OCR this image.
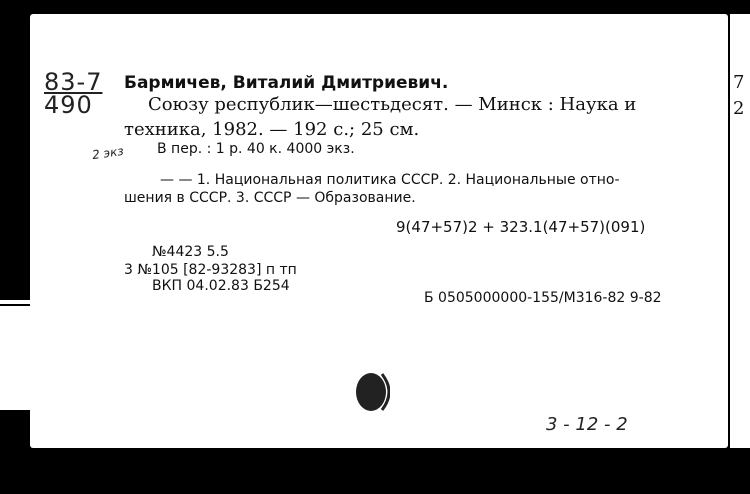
83-7
490
Бармичев, Виталий Дмитриевич.
Союзу республик—шестьдесят. — Минск : Наука и
техника, 1982. — 192 с.; 25 см.
2 экз В пер. : 1 р. 40 к. 4000 экз.
— — 1. Национальная политика СССР. 2. Национальные отно-
шения в СССР. 3. СССР — Образование.
9(47+57)2 + 323.1(47+57)(091)
№4423 5.5
3 №105 [82-93283] п тп
ВКП 04.02.83 Б254
Б 0505000000-155/М316-82 9-82
3 - 12 - 2
7
2
